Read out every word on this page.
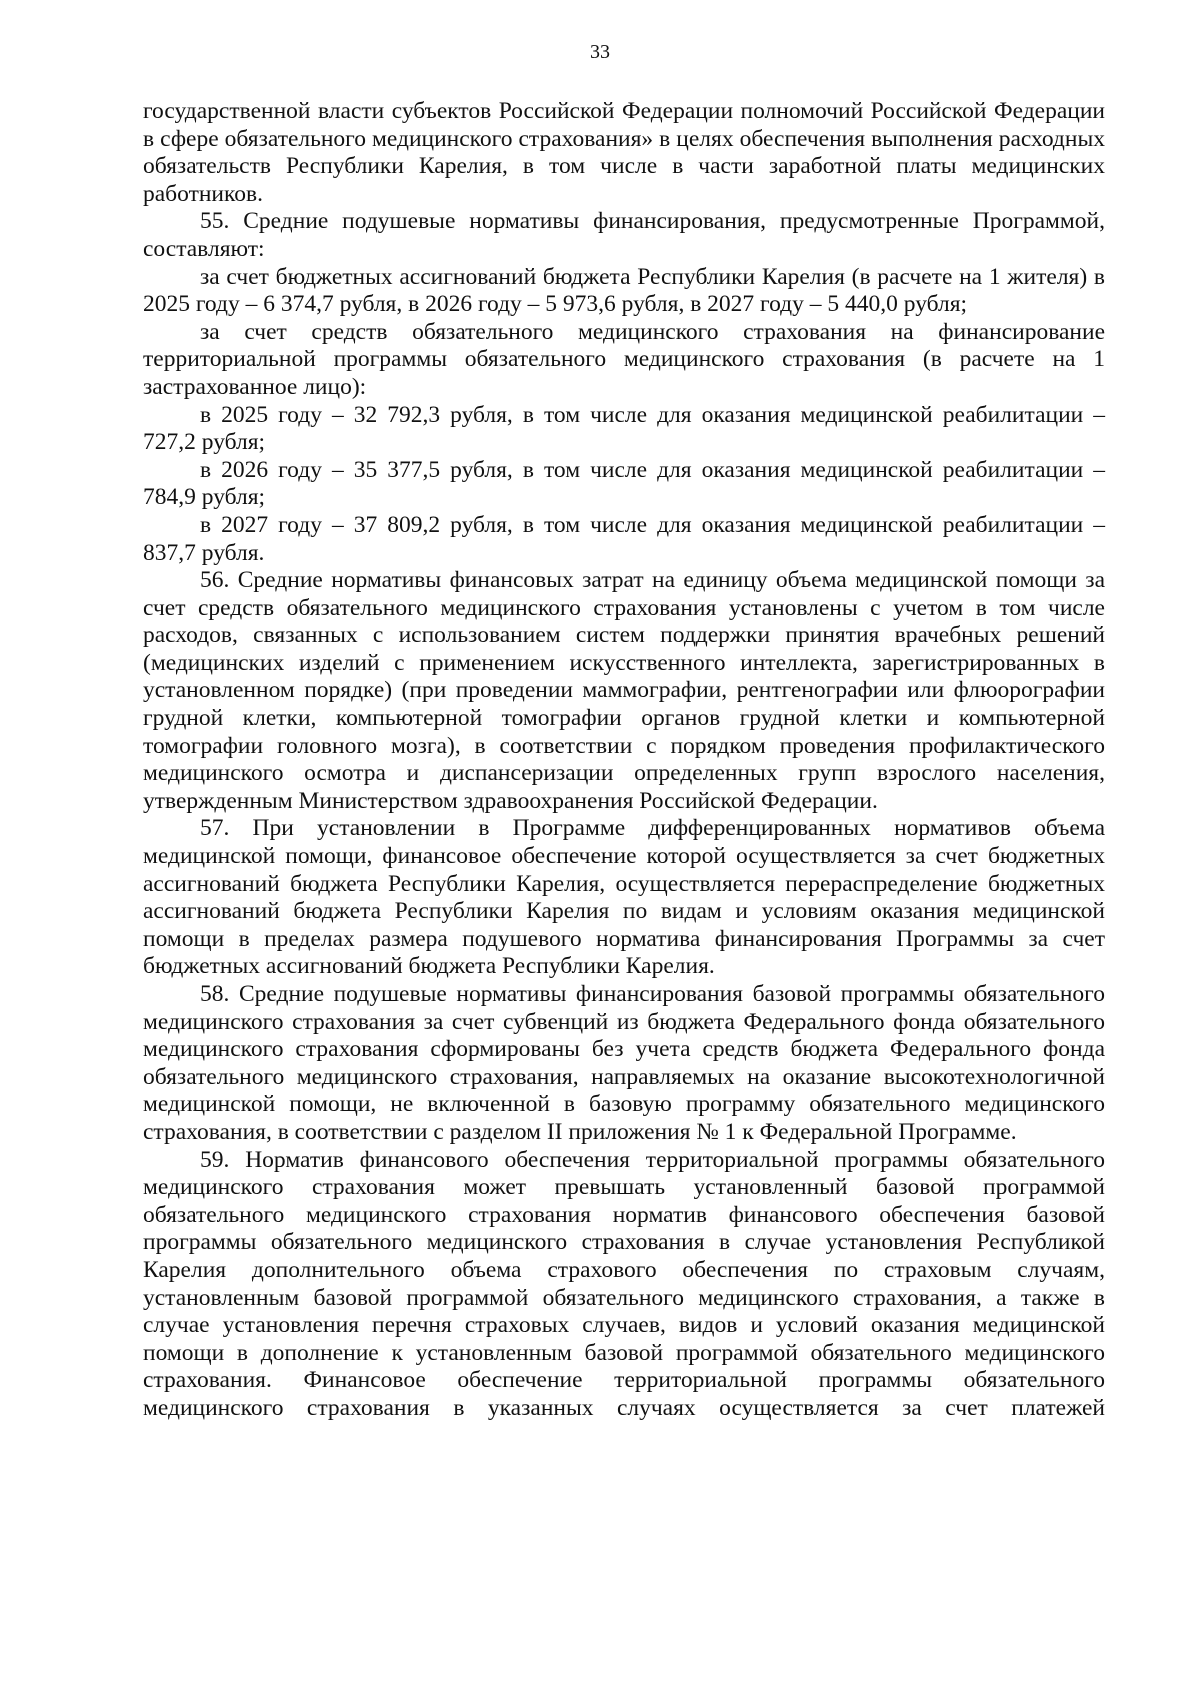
33

государственной власти субъектов Российской Федерации полномочий Российской Федерации в сфере обязательного медицинского страхования» в целях обеспечения выполнения расходных обязательств Республики Карелия, в том числе в части заработной платы медицинских работников.

55. Средние подушевые нормативы финансирования, предусмотренные Программой, составляют:

за счет бюджетных ассигнований бюджета Республики Карелия (в расчете на 1 жителя) в 2025 году – 6 374,7 рубля, в 2026 году – 5 973,6 рубля, в 2027 году – 5 440,0 рубля;

за счет средств обязательного медицинского страхования на финансирование территориальной программы обязательного медицинского страхования (в расчете на 1 застрахованное лицо):

в 2025 году – 32 792,3 рубля, в том числе для оказания медицинской реабилитации – 727,2 рубля;

в 2026 году – 35 377,5 рубля, в том числе для оказания медицинской реабилитации – 784,9 рубля;

в 2027 году – 37 809,2 рубля, в том числе для оказания медицинской реабилитации – 837,7 рубля.

56. Средние нормативы финансовых затрат на единицу объема медицинской помощи за счет средств обязательного медицинского страхования установлены с учетом в том числе расходов, связанных с использованием систем поддержки принятия врачебных решений (медицинских изделий с применением искусственного интеллекта, зарегистрированных в установленном порядке) (при проведении маммографии, рентгенографии или флюорографии грудной клетки, компьютерной томографии органов грудной клетки и компьютерной томографии головного мозга), в соответствии с порядком проведения профилактического медицинского осмотра и диспансеризации определенных групп взрослого населения, утвержденным Министерством здравоохранения Российской Федерации.

57. При установлении в Программе дифференцированных нормативов объема медицинской помощи, финансовое обеспечение которой осуществляется за счет бюджетных ассигнований бюджета Республики Карелия, осуществляется перераспределение бюджетных ассигнований бюджета Республики Карелия по видам и условиям оказания медицинской помощи в пределах размера подушевого норматива финансирования Программы за счет бюджетных ассигнований бюджета Республики Карелия.

58. Средние подушевые нормативы финансирования базовой программы обязательного медицинского страхования за счет субвенций из бюджета Федерального фонда обязательного медицинского страхования сформированы без учета средств бюджета Федерального фонда обязательного медицинского страхования, направляемых на оказание высокотехнологичной медицинской помощи, не включенной в базовую программу обязательного медицинского страхования, в соответствии с разделом II приложения № 1 к Федеральной Программе.

59. Норматив финансового обеспечения территориальной программы обязательного медицинского страхования может превышать установленный базовой программой обязательного медицинского страхования норматив финансового обеспечения базовой программы обязательного медицинского страхования в случае установления Республикой Карелия дополнительного объема страхового обеспечения по страховым случаям, установленным базовой программой обязательного медицинского страхования, а также в случае установления перечня страховых случаев, видов и условий оказания медицинской помощи в дополнение к установленным базовой программой обязательного медицинского страхования. Финансовое обеспечение территориальной программы обязательного медицинского страхования в указанных случаях осуществляется за счет платежей
